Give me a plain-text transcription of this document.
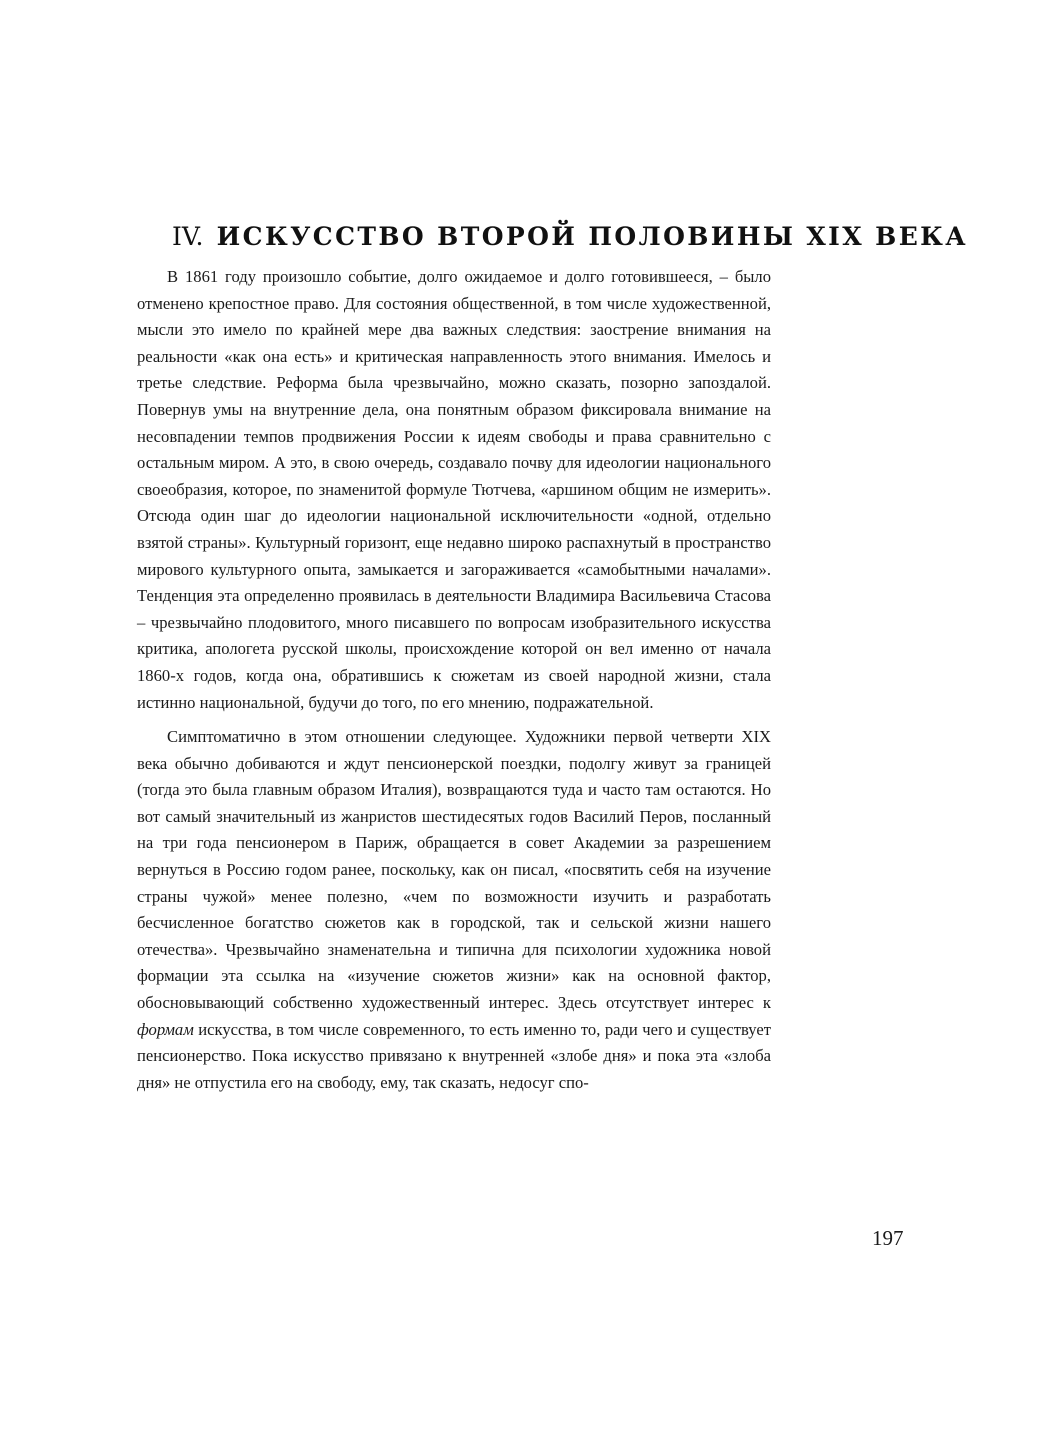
IV. ИСКУССТВО ВТОРОЙ ПОЛОВИНЫ XIX ВЕКА

В 1861 году произошло событие, долго ожидаемое и долго готовившееся, – было отменено крепостное право. Для состояния общественной, в том числе художественной, мысли это имело по крайней мере два важных следствия: заострение внимания на реальности «как она есть» и критическая направленность этого внимания. Имелось и третье следствие. Реформа была чрезвычайно, можно сказать, позорно запоздалой. Повернув умы на внутренние дела, она понятным образом фиксировала внимание на несовпадении темпов продвижения России к идеям свободы и права сравнительно с остальным миром. А это, в свою очередь, создавало почву для идеологии национального своеобразия, которое, по знаменитой формуле Тютчева, «аршином общим не измерить». Отсюда один шаг до идеологии национальной исключительности «одной, отдельно взятой страны». Культурный горизонт, еще недавно широко распахнутый в пространство мирового культурного опыта, замыкается и загораживается «самобытными началами». Тенденция эта определенно проявилась в деятельности Владимира Васильевича Стасова – чрезвычайно плодовитого, много писавшего по вопросам изобразительного искусства критика, апологета русской школы, происхождение которой он вел именно от начала 1860-х годов, когда она, обратившись к сюжетам из своей народной жизни, стала истинно национальной, будучи до того, по его мнению, подражательной.

Симптоматично в этом отношении следующее. Художники первой четверти XIX века обычно добиваются и ждут пенсионерской поездки, подолгу живут за границей (тогда это была главным образом Италия), возвращаются туда и часто там остаются. Но вот самый значительный из жанристов шестидесятых годов Василий Перов, посланный на три года пенсионером в Париж, обращается в совет Академии за разрешением вернуться в Россию годом ранее, поскольку, как он писал, «посвятить себя на изучение страны чужой» менее полезно, «чем по возможности изучить и разработать бесчисленное богатство сюжетов как в городской, так и сельской жизни нашего отечества». Чрезвычайно знаменательна и типична для психологии художника новой формации эта ссылка на «изучение сюжетов жизни» как на основной фактор, обосновывающий собственно художественный интерес. Здесь отсутствует интерес к формам искусства, в том числе современного, то есть именно то, ради чего и существует пенсионерство. Пока искусство привязано к внутренней «злобе дня» и пока эта «злоба дня» не отпустила его на свободу, ему, так сказать, недосуг спо-

197
